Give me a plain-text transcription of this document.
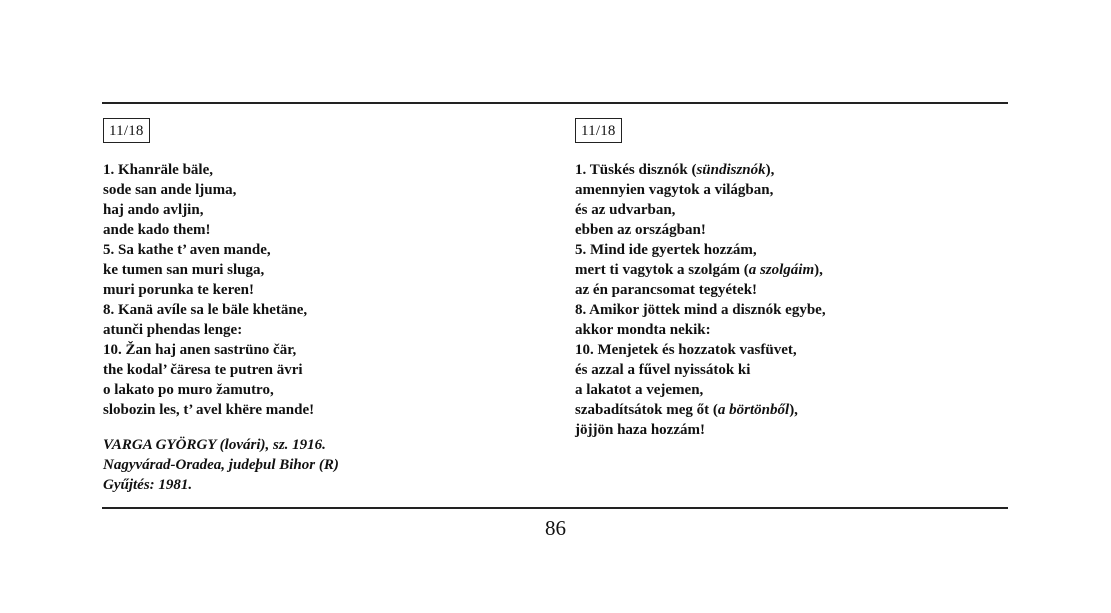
11/18
1. Khanräle bäle,
sode san ande ljuma,
haj ando avljin,
ande kado them!
5. Sa kathe t’ aven mande,
ke tumen san muri sluga,
muri porunka te keren!
8. Kanä avíle sa le bäle khetäne,
atunči phendas lenge:
10. Žan haj anen sastrüno čär,
the kodal’ čäresa te putren ävri
o lakato po muro žamutro,
slobozin les, t’ avel khëre mande!
VARGA GYÖRGY (lovári), sz. 1916.
Nagyvárad-Oradea, judeþul Bihor (R)
Gyűjtés: 1981.
11/18
1. Tüskés disznók (sündisznók),
amennyien vagytok a világban,
és az udvarban,
ebben az országban!
5. Mind ide gyertek hozzám,
mert ti vagytok a szolgám (a szolgáim),
az én parancsomat tegyétek!
8. Amikor jöttek mind a disznók egybe,
akkor mondta nekik:
10. Menjetek és hozzatok vasfüvet,
és azzal a fűvel nyissátok ki
a lakatot a vejemen,
szabadítsátok meg őt (a börtönből),
jöjjön haza hozzám!
86
